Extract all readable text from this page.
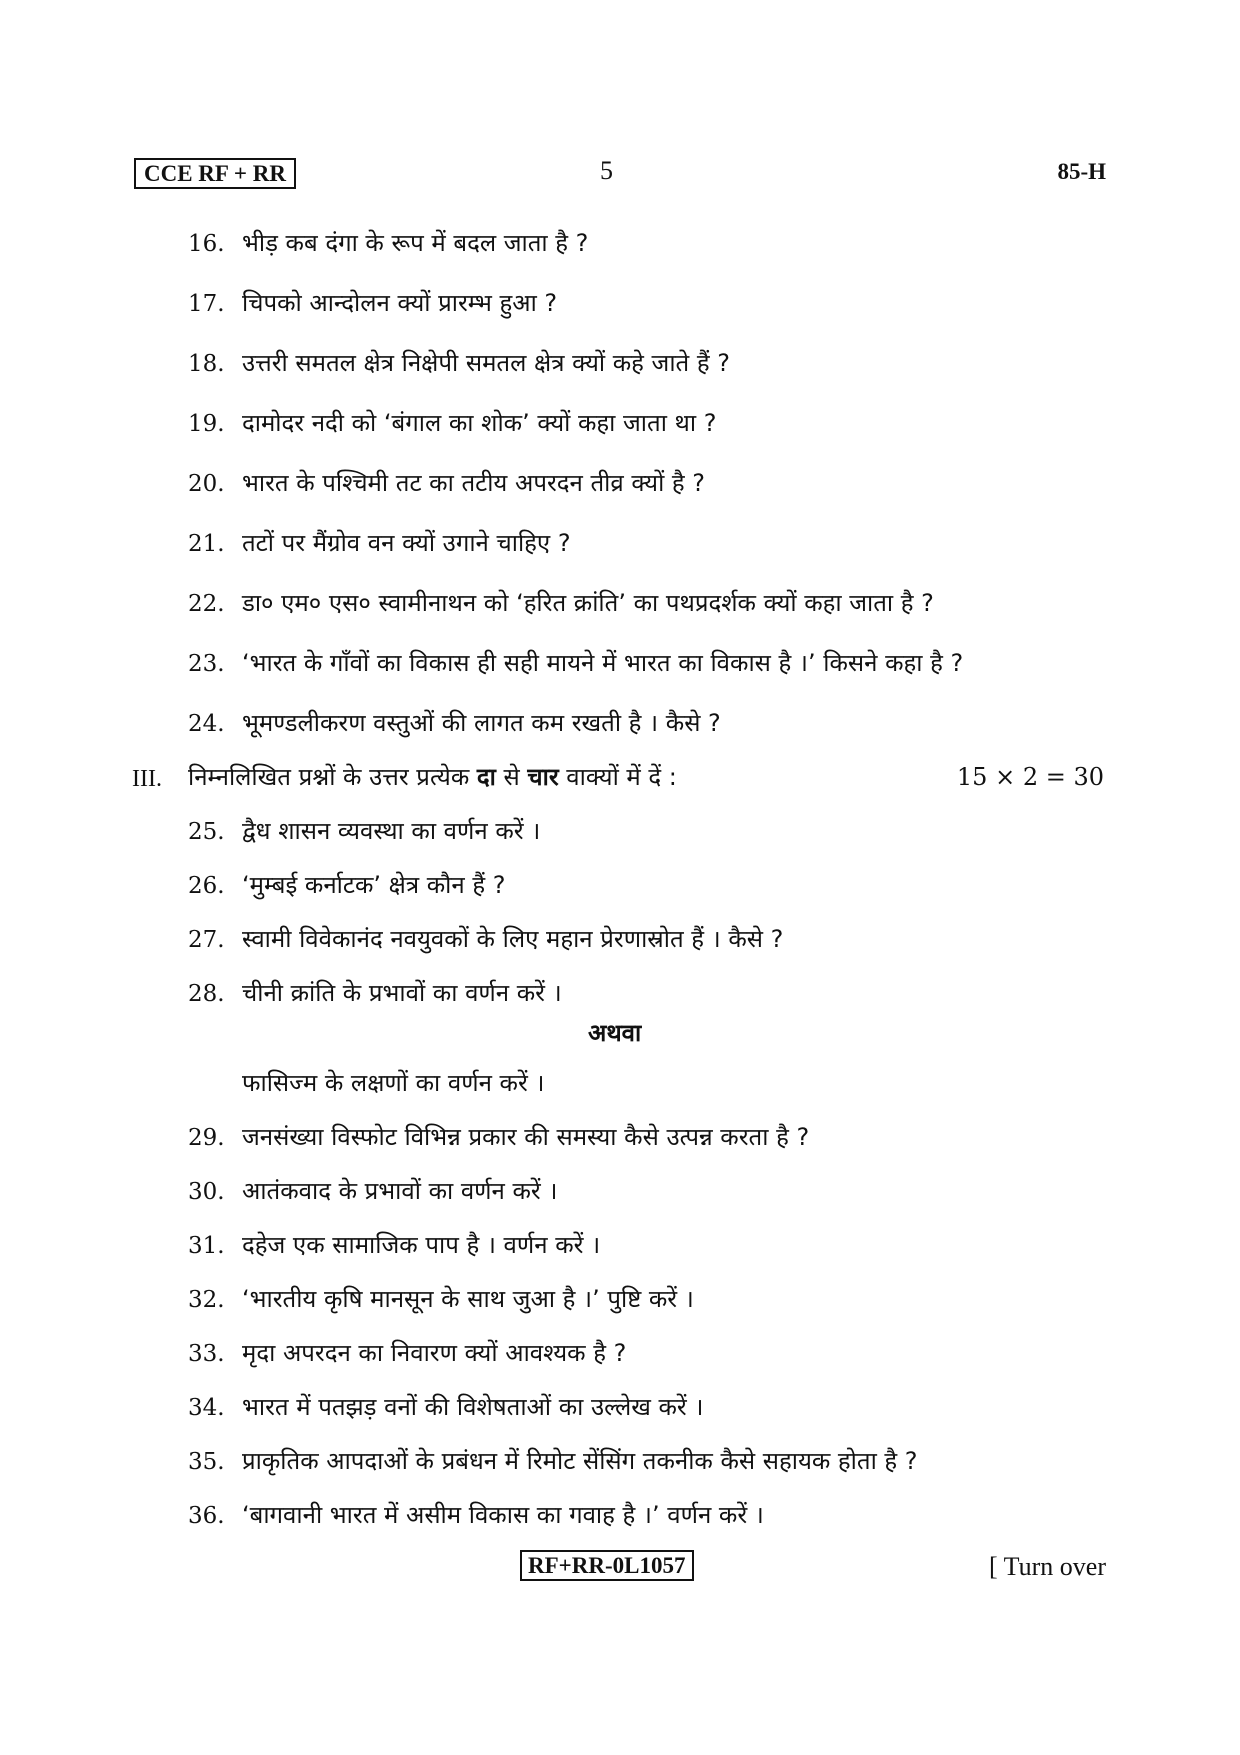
CCE RF + RR	5	85-H
16. भीड़ कब दंगा के रूप में बदल जाता है ?
17. चिपको आन्दोलन क्यों प्रारम्भ हुआ ?
18. उत्तरी समतल क्षेत्र निक्षेपी समतल क्षेत्र क्यों कहे जाते हैं ?
19. दामोदर नदी को ‘बंगाल का शोक’ क्यों कहा जाता था ?
20. भारत के पश्चिमी तट का तटीय अपरदन तीव्र क्यों है ?
21. तटों पर मैंग्रोव वन क्यों उगाने चाहिए ?
22. डा० एम० एस० स्वामीनाथन को ‘हरित क्रांति’ का पथप्रदर्शक क्यों कहा जाता है ?
23. ‘भारत के गाँवों का विकास ही सही मायने में भारत का विकास है ।’ किसने कहा है ?
24. भूमण्डलीकरण वस्तुओं की लागत कम रखती है । कैसे ?
III. निम्नलिखित प्रश्नों के उत्तर प्रत्येक दा से चार वाक्यों में दें :	15 × 2 = 30
25. द्वैध शासन व्यवस्था का वर्णन करें ।
26. ‘मुम्बई कर्नाटक’ क्षेत्र कौन हैं ?
27. स्वामी विवेकानंद नवयुवकों के लिए महान प्रेरणास्रोत हैं । कैसे ?
28. चीनी क्रांति के प्रभावों का वर्णन करें ।
अथवा
फासिज्म के लक्षणों का वर्णन करें ।
29. जनसंख्या विस्फोट विभिन्न प्रकार की समस्या कैसे उत्पन्न करता है ?
30. आतंकवाद के प्रभावों का वर्णन करें ।
31. दहेज एक सामाजिक पाप है । वर्णन करें ।
32. ‘भारतीय कृषि मानसून के साथ जुआ है ।’ पुष्टि करें ।
33. मृदा अपरदन का निवारण क्यों आवश्यक है ?
34. भारत में पतझड़ वनों की विशेषताओं का उल्लेख करें ।
35. प्राकृतिक आपदाओं के प्रबंधन में रिमोट सेंसिंग तकनीक कैसे सहायक होता है ?
36. ‘बागवानी भारत में असीम विकास का गवाह है ।’ वर्णन करें ।
RF+RR-0L1057	[ Turn over
